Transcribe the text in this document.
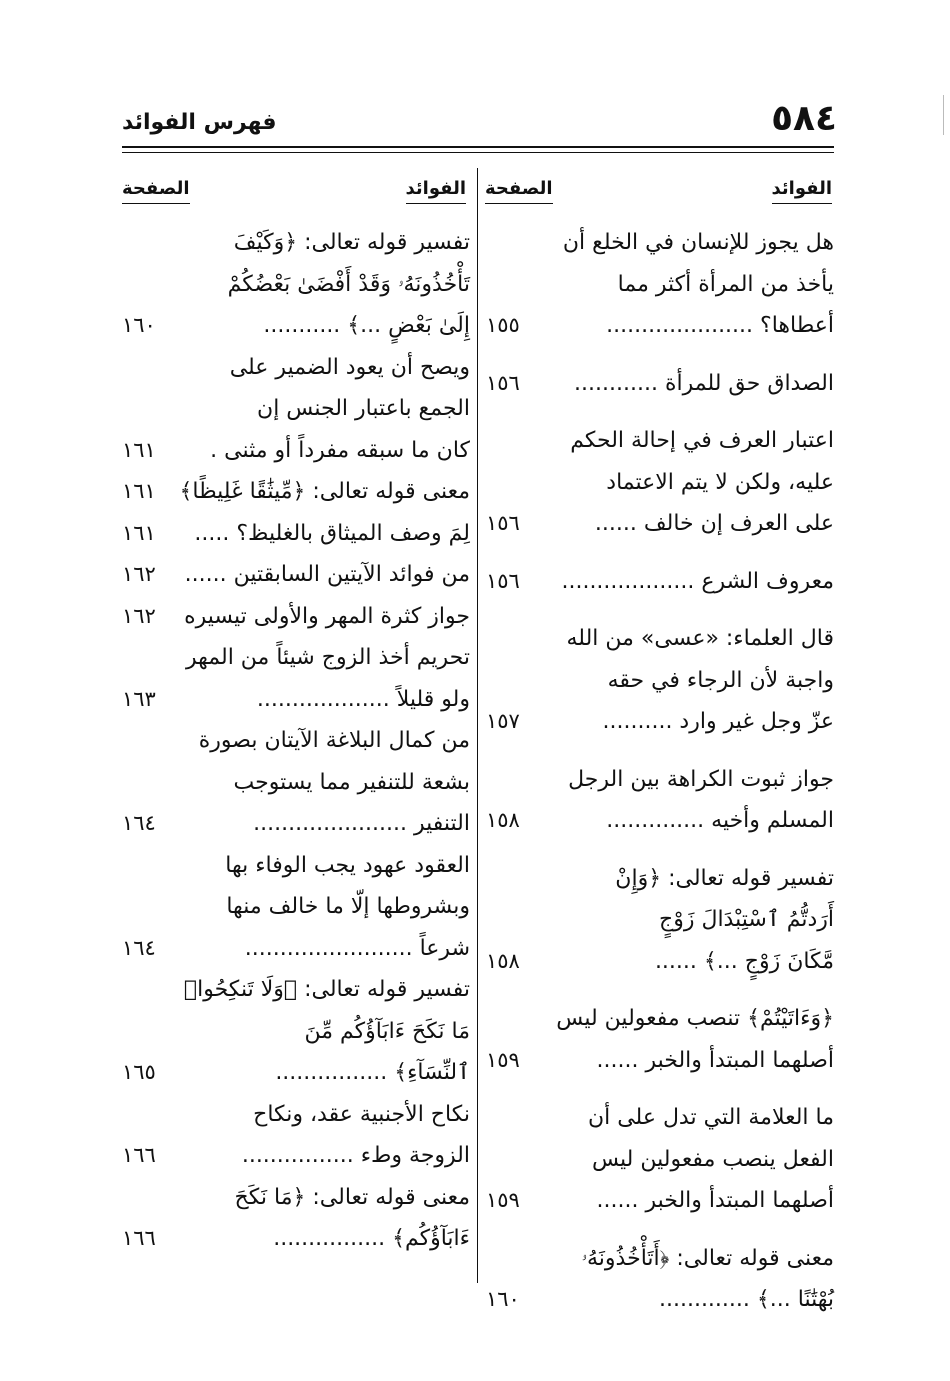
٥٨٤
فهرس الفوائد
الفوائد
الصفحة
الفوائد
الصفحة
هل يجوز للإنسان في الخلع أن
يأخذ من المرأة أكثر مما
أعطاها؟ .....................
١٥٥
الصداق حق للمرأة ............
١٥٦
اعتبار العرف في إحالة الحكم
عليه، ولكن لا يتم الاعتماد
على العرف إن خالف ......
١٥٦
معروف الشرع ...................
١٥٦
قال العلماء: «عسى» من الله
واجبة لأن الرجاء في حقه
عزّ وجل غير وارد ..........
١٥٧
جواز ثبوت الكراهة بين الرجل
المسلم وأخيه ..............
١٥٨
تفسير قوله تعالى: ﴿وَإِنْ
أَرَدتُّمُ ٱسْتِبْدَالَ زَوْجٍ
مَّكَانَ زَوْجٍ ...﴾ ......
١٥٨
﴿وَءَاتَيْتُمْ﴾ تنصب مفعولين ليس
أصلهما المبتدأ والخبر ......
١٥٩
ما العلامة التي تدل على أن
الفعل ينصب مفعولين ليس
أصلهما المبتدأ والخبر ......
١٥٩
معنى قوله تعالى: ﴿أَتَأْخُذُونَهُۥ
بُهْتَٰنًا ...﴾ .............
١٦٠
تفسير قوله تعالى: ﴿وَكَيْفَ
تَأْخُذُونَهُۥ وَقَدْ أَفْضَىٰ بَعْضُكُمْ
إِلَىٰ بَعْضٍ ...﴾ ...........
١٦٠
ويصح أن يعود الضمير على
الجمع باعتبار الجنس إن
كان ما سبقه مفرداً أو مثنى .
١٦١
معنى قوله تعالى: ﴿مِّيثَٰقًا غَلِيظًا﴾
١٦١
لِمَ وصف الميثاق بالغليظ؟ .....
١٦١
من فوائد الآيتين السابقتين ......
١٦٢
جواز كثرة المهر والأولى تيسيره
١٦٢
تحريم أخذ الزوج شيئاً من المهر
ولو قليلاً ...................
١٦٣
من كمال البلاغة الآيتان بصورة
بشعة للتنفير مما يستوجب
التنفير ......................
١٦٤
العقود عهود يجب الوفاء بها
وبشروطها إلّا ما خالف منها
شرعاً ........................
١٦٤
تفسير قوله تعالى: ﴿وَلَا تَنكِحُوا۟
مَا نَكَحَ ءَابَآؤُكُم مِّنَ
ٱلنِّسَآءِ﴾ ................
١٦٥
نكاح الأجنبية عقد، ونكاح
الزوجة وطء ................
١٦٦
معنى قوله تعالى: ﴿مَا نَكَحَ
ءَابَآؤُكُم﴾ ................
١٦٦
